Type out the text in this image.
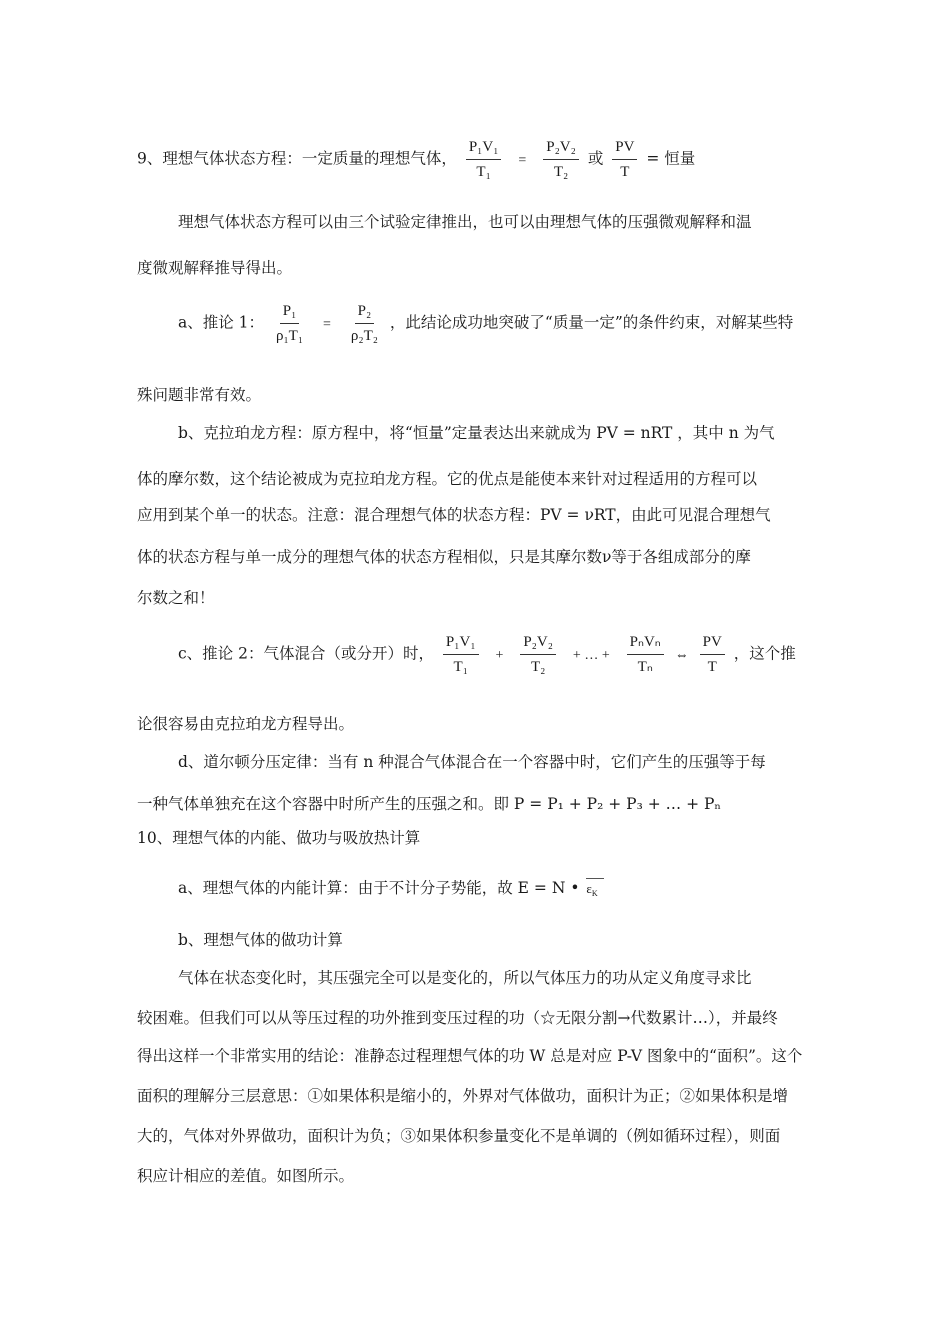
9、理想气体状态方程：一定质量的理想气体， $\frac{\text{P₁V₁}}{\text{T₁}} = \frac{\text{P₂V₂}}{\text{T₂}}$ 或 $\frac{PV}{T}$ = 恒量
理想气体状态方程可以由三个试验定律推出，也可以由理想气体的压强微观解释和温
度微观解释推导得出。
a、推论 1： $\frac{\text{P₁}}{\text{ρ₁T₁}} = \frac{\text{P₂}}{\text{ρ₂T₂}}$ ，此结论成功地突破了“质量一定”的条件约束，对解某些特
殊问题非常有效。
b、克拉珀龙方程：原方程中，将“恒量”定量表达出来就成为 PV = nRT ，其中 n 为气
体的摩尔数，这个结论被成为克拉珀龙方程。它的优点是能使本来针对过程适用的方程可以
应用到某个单一的状态。注意：混合理想气体的状态方程：PV = νRT，由此可见混合理想气
体的状态方程与单一成分的理想气体的状态方程相似，只是其摩尔数ν等于各组成部分的摩
尔数之和！
c、推论 2：气体混合（或分开）时， $\frac{\text{P₁V₁}}{\text{T₁}} + \frac{\text{P₂V₂}}{\text{T₂}}$ + … + $\frac{\text{PₙVₙ}}{\text{Tₙ}}$ ⇔ $\frac{PV}{T}$ ，这个推
论很容易由克拉珀龙方程导出。
d、道尔顿分压定律：当有 n 种混合气体混合在一个容器中时，它们产生的压强等于每
一种气体单独充在这个容器中时所产生的压强之和。即 P = P₁ + P₂ + P₃ + … + Pₙ
10、理想气体的内能、做功与吸放热计算
a、理想气体的内能计算：由于不计分子势能，故 E = N • $\varepsilon_K$
b、理想气体的做功计算
气体在状态变化时，其压强完全可以是变化的，所以气体压力的功从定义角度寻求比
较困难。但我们可以从等压过程的功外推到变压过程的功（☆无限分割→代数累计…），并最终
得出这样一个非常实用的结论：准静态过程理想气体的功 W 总是对应 P-V 图象中的“面积”。这个
面积的理解分三层意思：①如果体积是缩小的，外界对气体做功，面积计为正；②如果体积是增
大的，气体对外界做功，面积计为负；③如果体积参量变化不是单调的（例如循环过程），则面
积应计相应的差值。如图所示。
